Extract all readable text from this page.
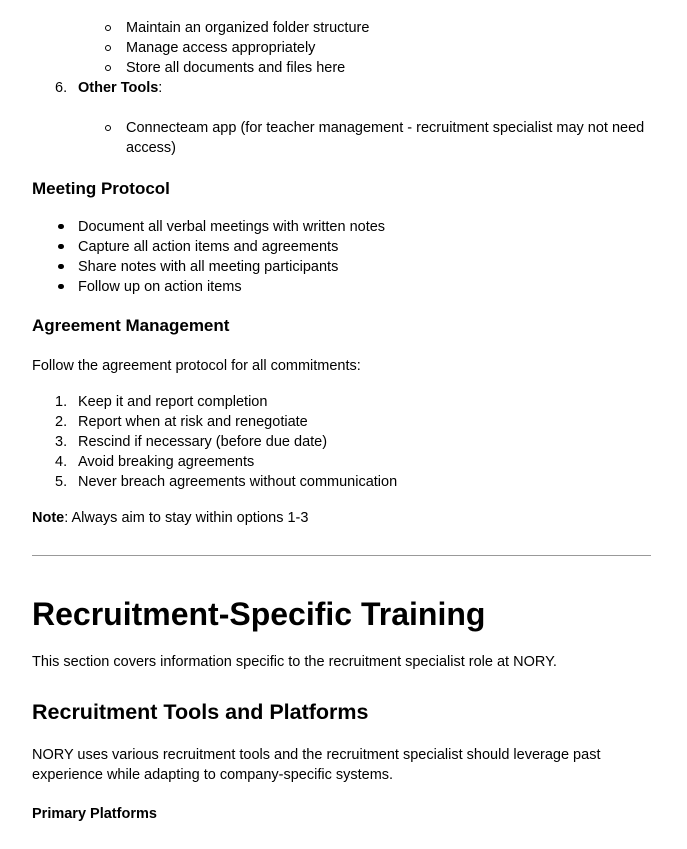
Maintain an organized folder structure
Manage access appropriately
Store all documents and files here
6. Other Tools:
Connecteam app (for teacher management - recruitment specialist may not need access)
Meeting Protocol
Document all verbal meetings with written notes
Capture all action items and agreements
Share notes with all meeting participants
Follow up on action items
Agreement Management

Follow the agreement protocol for all commitments:

1. Keep it and report completion
2. Report when at risk and renegotiate
3. Rescind if necessary (before due date)
4. Avoid breaking agreements
5. Never breach agreements without communication

Note: Always aim to stay within options 1-3

Recruitment-Specific Training

This section covers information specific to the recruitment specialist role at NORY.

Recruitment Tools and Platforms

NORY uses various recruitment tools and the recruitment specialist should leverage past experience while adapting to company-specific systems.

Primary Platforms
